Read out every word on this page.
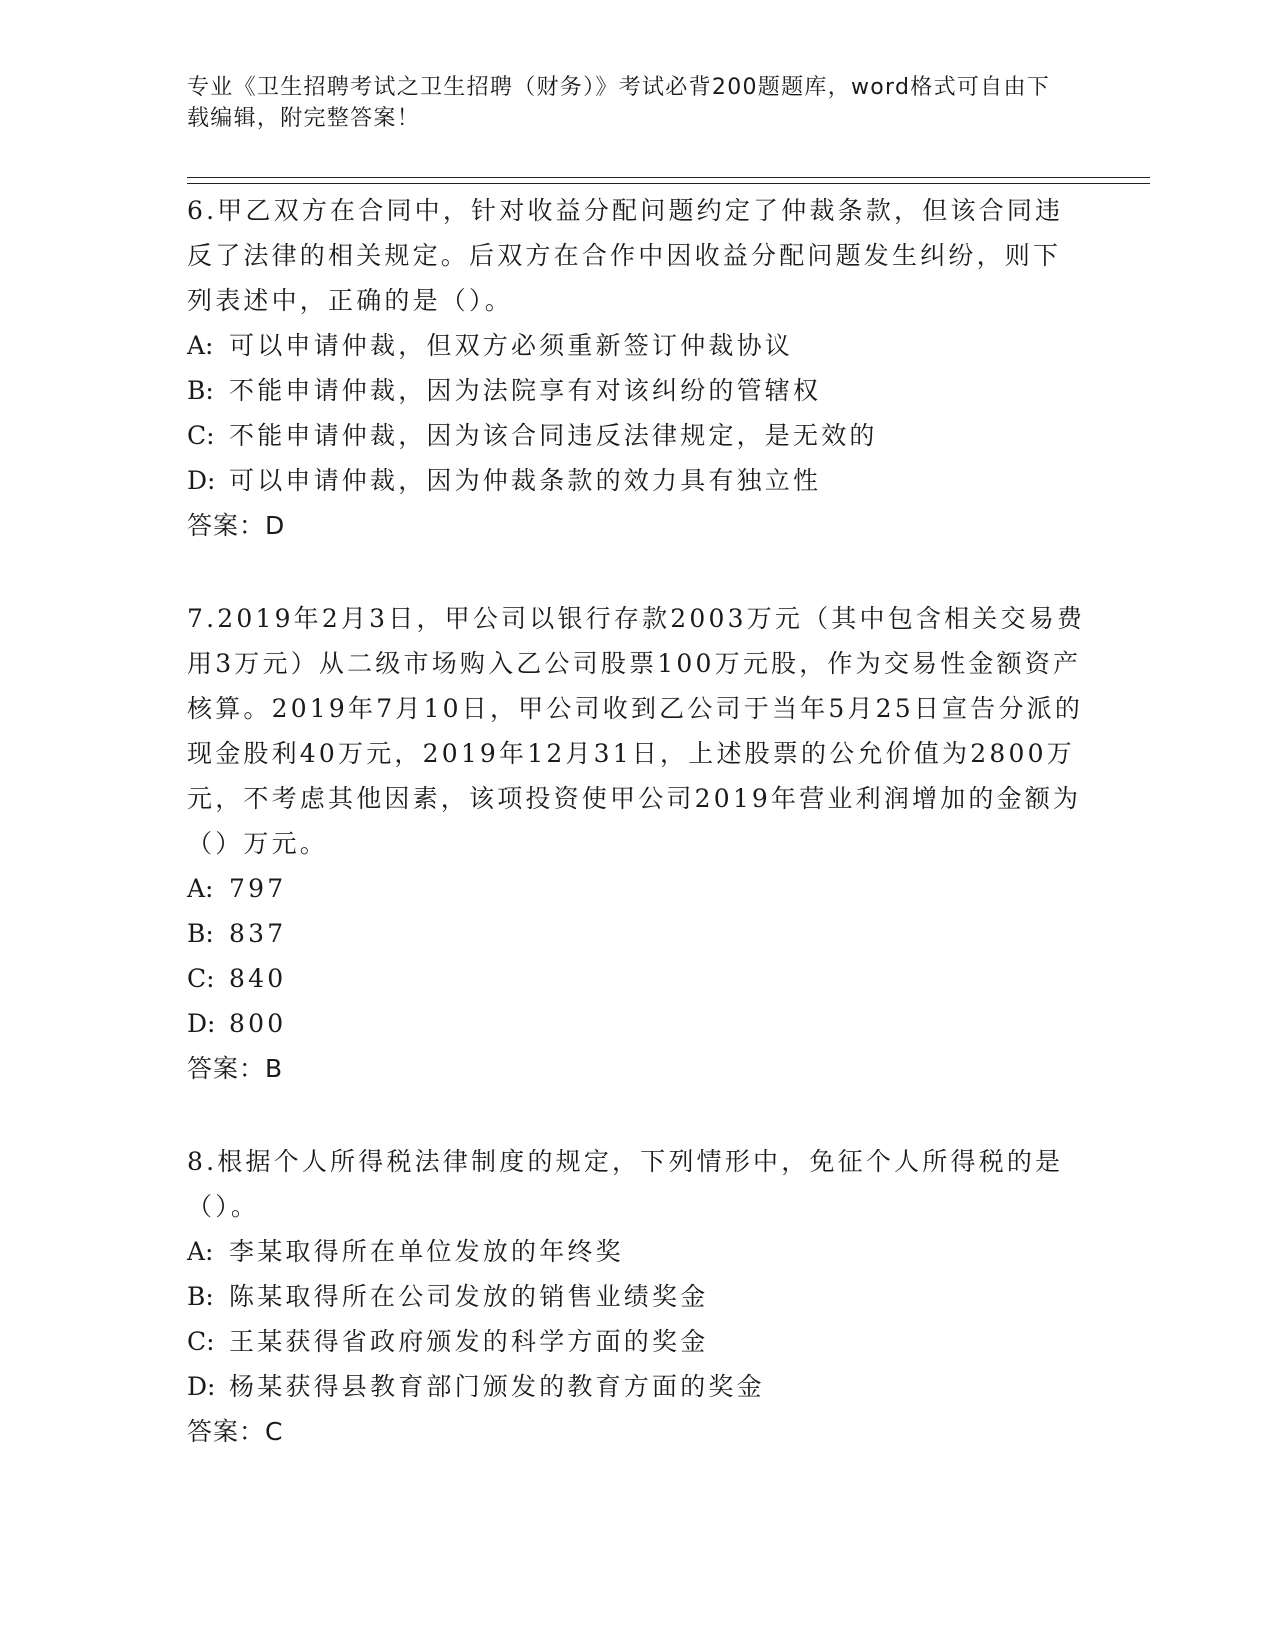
专业《卫生招聘考试之卫生招聘（财务）》考试必背200题题库，word格式可自由下载编辑，附完整答案！
6.甲乙双方在合同中，针对收益分配问题约定了仲裁条款，但该合同违反了法律的相关规定。后双方在合作中因收益分配问题发生纠纷，则下列表述中，正确的是（）。
A: 可以申请仲裁，但双方必须重新签订仲裁协议
B: 不能申请仲裁，因为法院享有对该纠纷的管辖权
C: 不能申请仲裁，因为该合同违反法律规定，是无效的
D: 可以申请仲裁，因为仲裁条款的效力具有独立性
答案：D
7.2019年2月3日，甲公司以银行存款2003万元（其中包含相关交易费用3万元）从二级市场购入乙公司股票100万元股，作为交易性金额资产核算。2019年7月10日，甲公司收到乙公司于当年5月25日宣告分派的现金股利40万元，2019年12月31日，上述股票的公允价值为2800万元，不考虑其他因素，该项投资使甲公司2019年营业利润增加的金额为（）万元。
A: 797
B: 837
C: 840
D: 800
答案：B
8.根据个人所得税法律制度的规定，下列情形中，免征个人所得税的是（）。
A: 李某取得所在单位发放的年终奖
B: 陈某取得所在公司发放的销售业绩奖金
C: 王某获得省政府颁发的科学方面的奖金
D: 杨某获得县教育部门颁发的教育方面的奖金
答案：C
